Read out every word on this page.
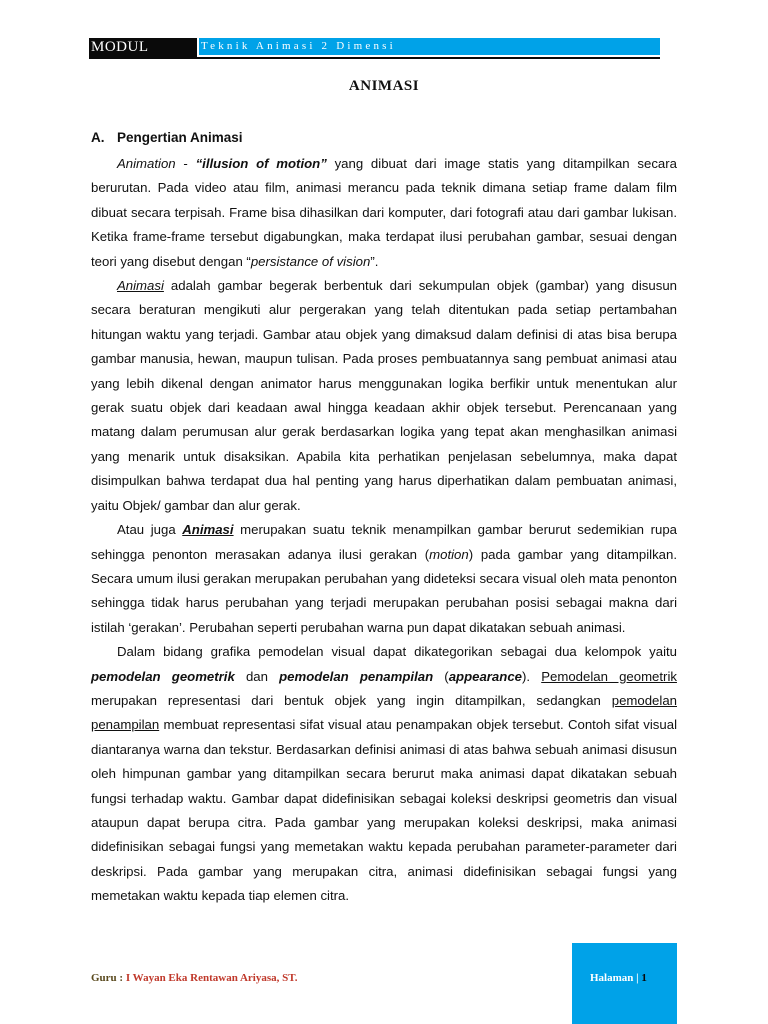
MODUL	Teknik Animasi 2 Dimensi
ANIMASI
A. Pengertian Animasi

Animation - “illusion of motion” yang dibuat dari image statis yang ditampilkan secara berurutan. Pada video atau film, animasi merancu pada teknik dimana setiap frame dalam film dibuat secara terpisah. Frame bisa dihasilkan dari komputer, dari fotografi atau dari gambar lukisan. Ketika frame-frame tersebut digabungkan, maka terdapat ilusi perubahan gambar, sesuai dengan teori yang disebut dengan “persistance of vision”.

Animasi adalah gambar begerak berbentuk dari sekumpulan objek (gambar) yang disusun secara beraturan mengikuti alur pergerakan yang telah ditentukan pada setiap pertambahan hitungan waktu yang terjadi. Gambar atau objek yang dimaksud dalam definisi di atas bisa berupa gambar manusia, hewan, maupun tulisan. Pada proses pembuatannya sang pembuat animasi atau yang lebih dikenal dengan animator harus menggunakan logika berfikir untuk menentukan alur gerak suatu objek dari keadaan awal hingga keadaan akhir objek tersebut. Perencanaan yang matang dalam perumusan alur gerak berdasarkan logika yang tepat akan menghasilkan animasi yang menarik untuk disaksikan. Apabila kita perhatikan penjelasan sebelumnya, maka dapat disimpulkan bahwa terdapat dua hal penting yang harus diperhatikan dalam pembuatan animasi, yaitu Objek/ gambar dan alur gerak.

Atau juga Animasi merupakan suatu teknik menampilkan gambar berurut sedemikian rupa sehingga penonton merasakan adanya ilusi gerakan (motion) pada gambar yang ditampilkan. Secara umum ilusi gerakan merupakan perubahan yang dideteksi secara visual oleh mata penonton sehingga tidak harus perubahan yang terjadi merupakan perubahan posisi sebagai makna dari istilah ‘gerakan’. Perubahan seperti perubahan warna pun dapat dikatakan sebuah animasi.

Dalam bidang grafika pemodelan visual dapat dikategorikan sebagai dua kelompok yaitu pemodelan geometrik dan pemodelan penampilan (appearance). Pemodelan geometrik merupakan representasi dari bentuk objek yang ingin ditampilkan, sedangkan pemodelan penampilan membuat representasi sifat visual atau penampakan objek tersebut. Contoh sifat visual diantaranya warna dan tekstur. Berdasarkan definisi animasi di atas bahwa sebuah animasi disusun oleh himpunan gambar yang ditampilkan secara berurut maka animasi dapat dikatakan sebuah fungsi terhadap waktu. Gambar dapat didefinisikan sebagai koleksi deskripsi geometris dan visual ataupun dapat berupa citra. Pada gambar yang merupakan koleksi deskripsi, maka animasi didefinisikan sebagai fungsi yang memetakan waktu kepada perubahan parameter-parameter dari deskripsi. Pada gambar yang merupakan citra, animasi didefinisikan sebagai fungsi yang memetakan waktu kepada tiap elemen citra.

Guru : I Wayan Eka Rentawan Ariyasa, ST.	Halaman | 1
